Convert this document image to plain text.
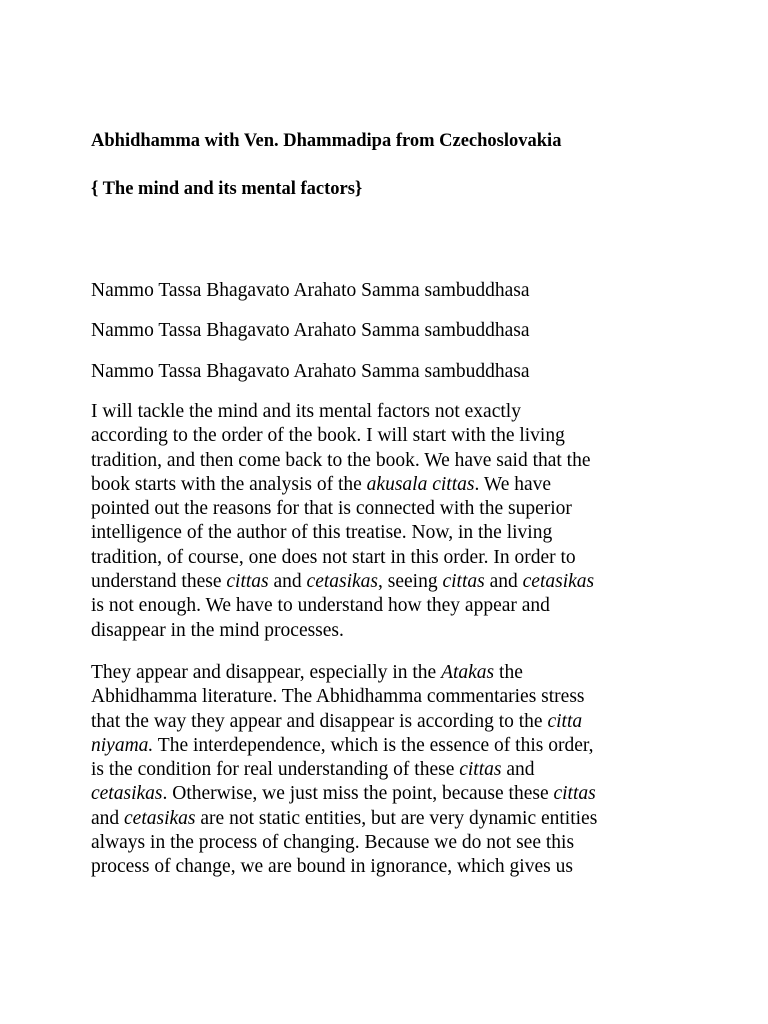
Abhidhamma with Ven. Dhammadipa from Czechoslovakia

{ The mind and its mental factors}

Nammo Tassa Bhagavato Arahato Samma sambuddhasa

Nammo Tassa Bhagavato Arahato Samma sambuddhasa

Nammo Tassa Bhagavato Arahato Samma sambuddhasa

I will tackle the mind and its mental factors not exactly
according to the order of the book. I will start with the living
tradition, and then come back to the book. We have said that the
book starts with the analysis of the akusala cittas. We have
pointed out the reasons for that is connected with the superior
intelligence of the author of this treatise. Now, in the living
tradition, of course, one does not start in this order. In order to
understand these cittas and cetasikas, seeing cittas and cetasikas
is not enough. We have to understand how they appear and
disappear in the mind processes.

They appear and disappear, especially in the Atakas the
Abhidhamma literature. The Abhidhamma commentaries stress
that the way they appear and disappear is according to the citta
niyama. The interdependence, which is the essence of this order,
is the condition for real understanding of these cittas and
cetasikas. Otherwise, we just miss the point, because these cittas
and cetasikas are not static entities, but are very dynamic entities
always in the process of changing. Because we do not see this
process of change, we are bound in ignorance, which gives us
